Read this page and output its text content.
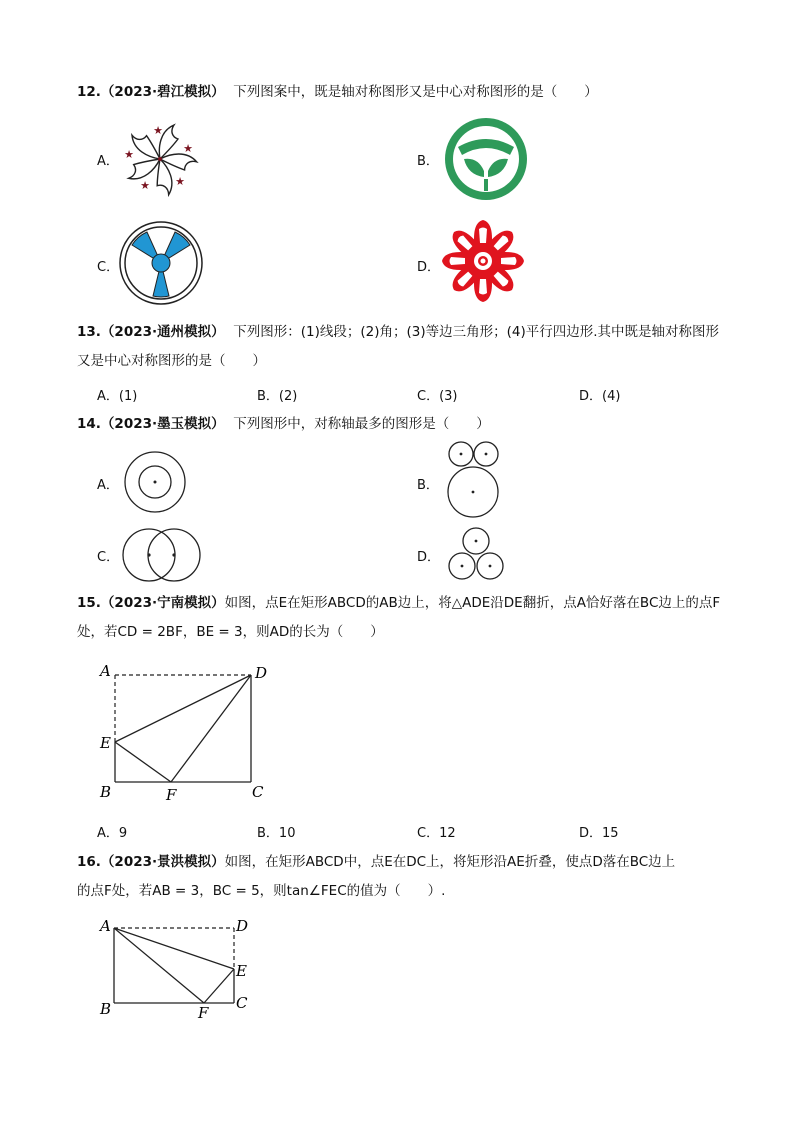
12.（2023·碧江模拟） 下列图案中，既是轴对称图形又是中心对称图形的是（　　）
A．
★
★
★
★
★	B．
C．	D．
13.（2023·通州模拟） 下列图形：(1)线段；(2)角；(3)等边三角形；(4)平行四边形.其中既是轴对称图形
又是中心对称图形的是（　　）
A．(1)	B．(2)	C．(3)	D．(4)
14.（2023·墨玉模拟） 下列图形中，对称轴最多的图形是（　　）
A．	B．
C．	D．
15.（2023·宁南模拟）如图，点E在矩形ABCD的AB边上，将△ADE沿DE翻折，点A恰好落在BC边上的点F
处，若CD = 2BF，BE = 3，则AD的长为（　　）
A	D
E
B	F	C
A．9	B．10	C．12	D．15
16.（2023·景洪模拟）如图，在矩形ABCD中，点E在DC上，将矩形沿AE折叠，使点D落在BC边上
的点F处，若AB = 3，BC = 5，则tan∠FEC的值为（　　）.
A	D
E
B	F
C
